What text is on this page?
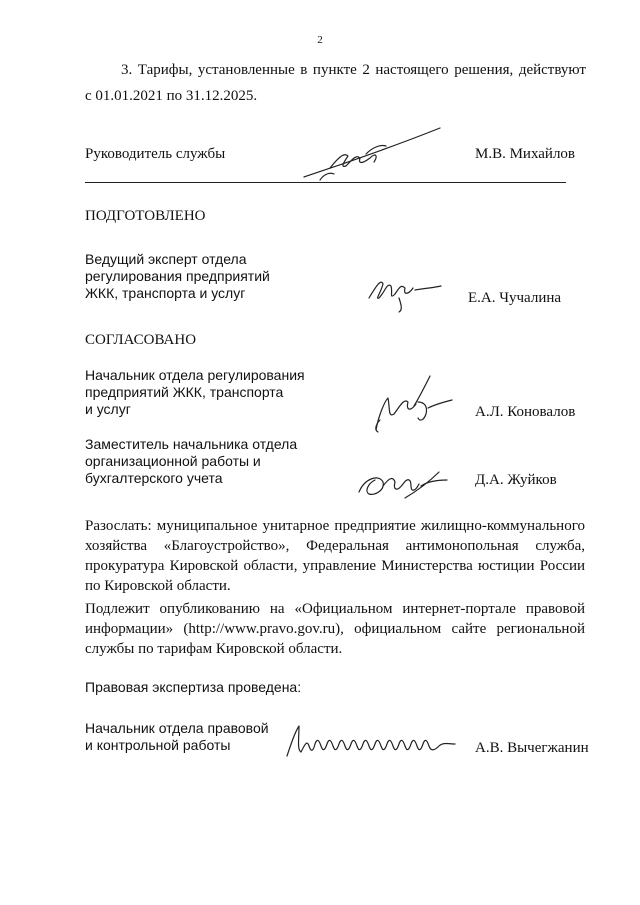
2
3. Тарифы, установленные в пункте 2 настоящего решения, действуют
с 01.01.2021 по 31.12.2025.
Руководитель службы	М.В. Михайлов
ПОДГОТОВЛЕНО
Ведущий эксперт отдела
регулирования предприятий
ЖКК, транспорта и услуг	Е.А. Чучалина
СОГЛАСОВАНО
Начальник отдела регулирования
предприятий ЖКК, транспорта
и услуг	А.Л. Коновалов
Заместитель начальника отдела
организационной работы и
бухгалтерского учета	Д.А. Жуйков
Разослать: муниципальное унитарное предприятие жилищно-коммунального
хозяйства «Благоустройство», Федеральная антимонопольная служба,
прокуратура Кировской области, управление Министерства юстиции России
по Кировской области.
Подлежит опубликованию на «Официальном интернет-портале правовой
информации» (http://www.pravo.gov.ru), официальном сайте региональной
службы по тарифам Кировской области.
Правовая экспертиза проведена:
Начальник отдела правовой
и контрольной работы	А.В. Вычегжанин
